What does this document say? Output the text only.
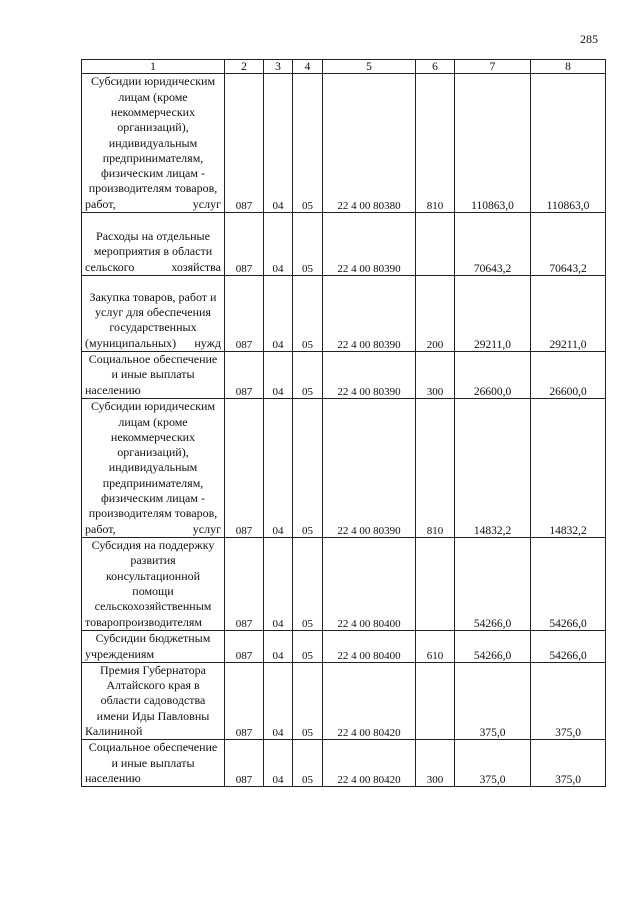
285
1	2	3	4	5	6	7	8
Субсидии юридическим лицам (кроме некоммерческих организаций), индивидуальным предпринимателям, физическим лицам - производителям товаров, работ, услуг	087	04	05	22 4 00 80380	810	110863,0	110863,0
Расходы на отдельные мероприятия в области сельского хозяйства	087	04	05	22 4 00 80390		70643,2	70643,2
Закупка товаров, работ и услуг для обеспечения государственных (муниципальных) нужд	087	04	05	22 4 00 80390	200	29211,0	29211,0
Социальное обеспечение и иные выплаты населению	087	04	05	22 4 00 80390	300	26600,0	26600,0
Субсидии юридическим лицам (кроме некоммерческих организаций), индивидуальным предпринимателям, физическим лицам - производителям товаров, работ, услуг	087	04	05	22 4 00 80390	810	14832,2	14832,2
Субсидия на поддержку развития консультационной помощи сельскохозяйственным товаропроизводителям	087	04	05	22 4 00 80400		54266,0	54266,0
Субсидии бюджетным учреждениям	087	04	05	22 4 00 80400	610	54266,0	54266,0
Премия Губернатора Алтайского края в области садоводства имени Иды Павловны Калининой	087	04	05	22 4 00 80420		375,0	375,0
Социальное обеспечение и иные выплаты населению	087	04	05	22 4 00 80420	300	375,0	375,0
